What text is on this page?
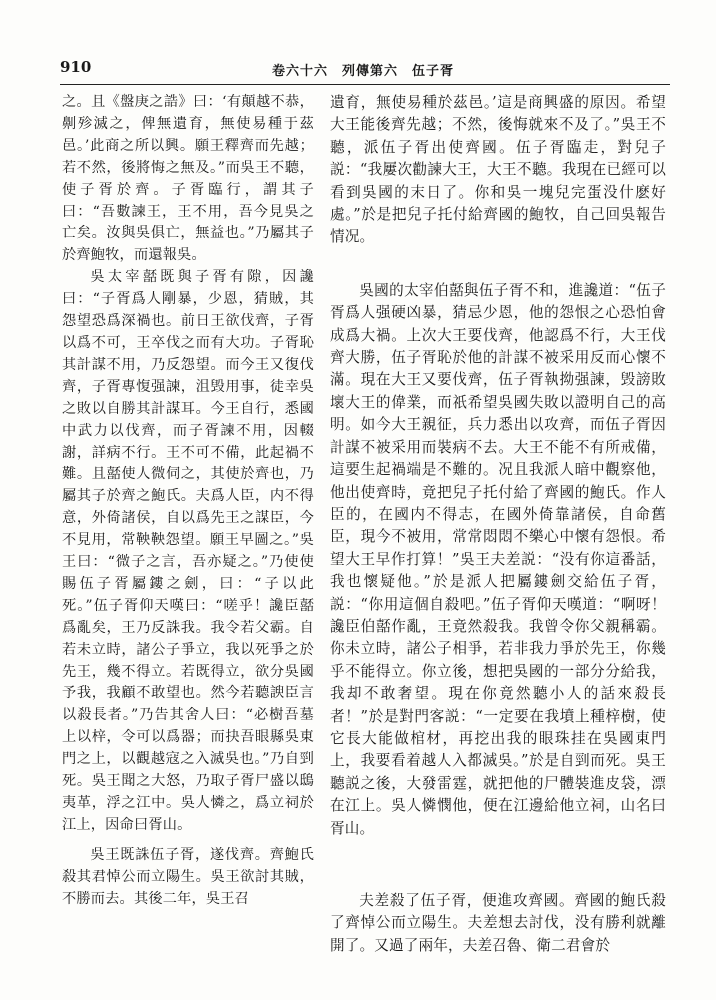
910	卷六十六 列傳第六 伍子胥

之。且《盤庚之誥》曰：‘有顛越不恭，劓殄滅之，俾無遺育，無使易種于茲邑。’此商之所以興。願王釋齊而先越；若不然，後將悔之無及。”而吳王不聽，使子胥於齊。子胥臨行，謂其子曰：“吾數諫王，王不用，吾今見吳之亡矣。汝與吳俱亡，無益也。”乃屬其子於齊鮑牧，而還報吳。

吳太宰嚭既與子胥有隙，因讒曰：“子胥爲人剛暴，少恩，猜賊，其怨望恐爲深禍也。前日王欲伐齊，子胥以爲不可，王卒伐之而有大功。子胥恥其計謀不用，乃反怨望。而今王又復伐齊，子胥專愎强諫，沮毁用事，徒幸吳之敗以自勝其計謀耳。今王自行，悉國中武力以伐齊，而子胥諫不用，因輟謝，詳病不行。王不可不備，此起禍不難。且嚭使人微伺之，其使於齊也，乃屬其子於齊之鮑氏。夫爲人臣，内不得意，外倚諸侯，自以爲先王之謀臣，今不見用，常鞅鞅怨望。願王早圖之。”吳王曰：“微子之言，吾亦疑之。”乃使使賜伍子胥屬鏤之劍，曰：“子以此死。”伍子胥仰天嘆曰：“嗟乎！讒臣嚭爲亂矣，王乃反誅我。我令若父霸。自若未立時，諸公子爭立，我以死爭之於先王，幾不得立。若既得立，欲分吳國予我，我顧不敢望也。然今若聽諛臣言以殺長者。”乃告其舍人曰：“必樹吾墓上以梓，令可以爲器；而抉吾眼縣吳東門之上，以觀越寇之入滅吳也。”乃自剄死。吳王聞之大怒，乃取子胥尸盛以鴟夷革，浮之江中。吳人憐之，爲立祠於江上，因命曰胥山。

吳王既誅伍子胥，遂伐齊。齊鮑氏殺其君悼公而立陽生。吳王欲討其賊，不勝而去。其後二年，吳王召

遺育，無使易種於茲邑。’這是商興盛的原因。希望大王能後齊先越；不然，後悔就來不及了。”吳王不聽，派伍子胥出使齊國。伍子胥臨走，對兒子説：“我屢次勸諫大王，大王不聽。我現在已經可以看到吳國的末日了。你和吳一塊兒完蛋没什麽好處。”於是把兒子托付給齊國的鮑牧，自己回吳報告情况。

吳國的太宰伯嚭與伍子胥不和，進讒道：“伍子胥爲人强硬凶暴，猜忌少恩，他的怨恨之心恐怕會成爲大禍。上次大王要伐齊，他認爲不行，大王伐齊大勝，伍子胥恥於他的計謀不被采用反而心懷不滿。現在大王又要伐齊，伍子胥執拗强諫，毁謗敗壞大王的偉業，而祇希望吳國失敗以證明自己的高明。如今大王親征，兵力悉出以攻齊，而伍子胥因計謀不被采用而裝病不去。大王不能不有所戒備，這要生起禍端是不難的。况且我派人暗中觀察他，他出使齊時，竟把兒子托付給了齊國的鮑氏。作人臣的，在國内不得志，在國外倚靠諸侯，自命舊臣，現今不被用，常常悶悶不樂心中懷有怨恨。希望大王早作打算！”吳王夫差説：“没有你這番話，我也懷疑他。”於是派人把屬鏤劍交給伍子胥，説：“你用這個自殺吧。”伍子胥仰天嘆道：“啊呀！讒臣伯嚭作亂，王竟然殺我。我曾令你父親稱霸。你未立時，諸公子相爭，若非我力爭於先王，你幾乎不能得立。你立後，想把吳國的一部分分給我，我却不敢奢望。現在你竟然聽小人的話來殺長者！”於是對門客説：“一定要在我墳上種梓樹，使它長大能做棺材，再挖出我的眼珠挂在吳國東門上，我要看着越人入都滅吳。”於是自剄而死。吳王聽説之後，大發雷霆，就把他的尸體裝進皮袋，漂在江上。吳人憐憫他，便在江邊給他立祠，山名曰胥山。

夫差殺了伍子胥，便進攻齊國。齊國的鮑氏殺了齊悼公而立陽生。夫差想去討伐，没有勝利就離開了。又過了兩年，夫差召魯、衛二君會於
